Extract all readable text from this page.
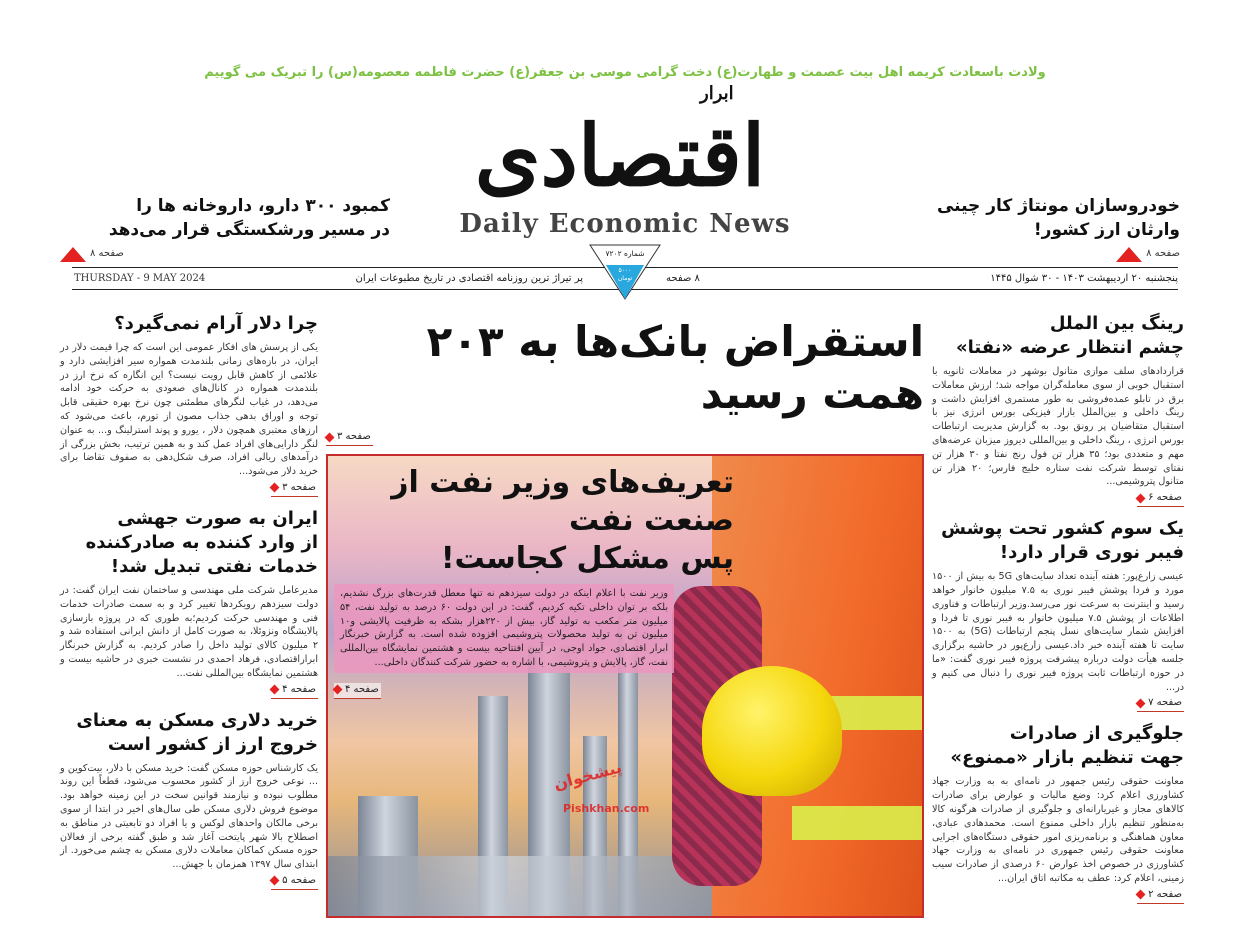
ولادت باسعادت کریمه اهل بیت عصمت و طهارت(ع) دخت گرامی موسی بن جعفر(ع) حضرت فاطمه معصومه(س) را تبریک می گوییم
ابرار
اقتصادی
Daily Economic News
کمبود ۳۰۰ دارو، داروخانه ها را
در مسیر ورشکستگی قرار می‌دهد
صفحه ۸
خودروسازان مونتاژ کار چینی
وارثان ارز کشور!
صفحه ۸
THURSDAY - 9 MAY 2024	پر تیراژ ترین روزنامه اقتصادی در تاریخ مطبوعات ایران	۸ صفحه	پنجشنبه ۲۰ اردیبهشت ۱۴۰۳ - ۳۰ شوال ۱۴۴۵
شماره ۷۲۰۲
۵۰۰۰ تومان
استقراض بانک‌ها به ۲۰۳ همت رسید
صفحه ۳
پیشخوان
Pishkhan.com
تعریف‌های وزیر نفت از صنعت نفت
پس مشکل کجاست!
وزیر نفت با اعلام اینکه در دولت سیزدهم نه تنها معطل قدرت‌های بزرگ نشدیم، بلکه بر توان داخلی تکیه کردیم، گفت: در این دولت ۶۰ درصد به تولید نفت، ۵۴ میلیون متر مکعب به تولید گاز، بیش از ۲۲۰هزار بشکه به ظرفیت پالایشی و۱۰ میلیون تن به تولید محصولات پتروشیمی افزوده شده است. به گزارش خبرنگار ابرار اقتصادی، جواد اوجی، در آیین افتتاحیه بیست و هشتمین نمایشگاه بین‌المللی نفت، گاز، پالایش و پتروشیمی، با اشاره به حضور شرکت کنندگان داخلی...
صفحه ۴
چرا دلار آرام نمی‌گیرد؟
یکی از پرسش های افکار عمومی این است که چرا قیمت دلار در ایران، در بازه‌های زمانی بلندمدت همواره سیر افزایشی دارد و علائمی از کاهش قابل رویت نیست؟ این انگاره که نرخ ارز در بلندمدت همواره در کانال‌های صعودی به حرکت خود ادامه می‌دهد، در غیاب لنگرهای مطمئنی چون نرخ بهره حقیقی قابل توجه و اوراق بدهی جذاب مصون از تورم، باعث می‌شود که ارزهای معتبری همچون دلار ، یورو و پوند استرلینگ و... به عنوان لنگر دارایی‌های افراد عمل کند و به همین ترتیب، بخش بزرگی از درآمدهای ریالی افراد، صرف شکل‌دهی به صفوف تقاضا برای خرید دلار می‌شود...
صفحه ۳
ایران به صورت جهشی
از وارد کننده به صادرکننده
خدمات نفتی تبدیل شد!
مدیرعامل شرکت ملی مهندسی و ساختمان نفت ایران گفت: در دولت سیزدهم رویکردها تغییر کرد و به سمت صادرات خدمات فنی و مهندسی حرکت کردیم؛به طوری که در پروژه بازسازی پالایشگاه ونزوئلا، به صورت کامل از دانش ایرانی استفاده شد و ۲ میلیون کالای تولید داخل را صادر کردیم. به گزارش خبرنگار ابراراقتصادی، فرهاد احمدی در نشست خبری در حاشیه بیست و هشتمین نمایشگاه بین‌المللی نفت...
صفحه ۴
خرید دلاری مسکن به معنای
خروج ارز از کشور است
یک کارشناس حوزه مسکن گفت: خرید مسکن با دلار، بیت‌کوین و ... نوعی خروج ارز از کشور محسوب می‌شود، قطعاً این روند مطلوب نبوده و نیازمند قوانین سخت در این زمینه خواهد بود. موضوع فروش دلاری مسکن طی سال‌های اخیر در ابتدا از سوی برخی مالکان واحدهای لوکس و یا افراد دو تابعیتی در مناطق به اصطلاح بالا شهر پایتخت آغاز شد و طبق گفته برخی از فعالان حوزه مسکن کماکان معاملات دلاری مسکن به چشم می‌خورد. از ابتدای سال ۱۳۹۷ همزمان با جهش...
صفحه ۵
رینگ بین الملل
چشم انتظار عرضه «نفتا»
قراردادهای سلف موازی متانول بوشهر در معاملات ثانویه با استقبال خوبی از سوی معامله‌گران مواجه شد؛ ارزش معاملات برق در تابلو عمده‌فروشی به طور مستمری افزایش داشت و رینگ داخلی و بین‌الملل بازار فیزیکی بورس انرژی نیز با استقبال متقاضیان پر رونق بود. به گزارش مدیریت ارتباطات بورس انرژی ، رینگ داخلی و بین‌المللی دیروز میزبان عرضه‌های مهم و متعددی بود؛ ۳۵ هزار تن فول رنج نفتا و ۳۰ هزار تن نفتای توسط شرکت نفت ستاره خلیج فارس؛ ۲۰ هزار تن متانول پتروشیمی...
صفحه ۶
یک سوم کشور تحت پوشش
فیبر نوری قرار دارد!
عیسی زارع‌پور: هفته آینده تعداد سایت‌های 5G به بیش از ۱۵۰۰ مورد و فردا پوشش فیبر نوری به ۷.۵ میلیون خانوار خواهد رسید و اینترنت به سرعت نور می‌رسد.وزیر ارتباطات و فناوری اطلاعات از پوشش ۷.۵ میلیون خانوار به فیبر نوری تا فردا و افزایش شمار سایت‌های نسل پنجم ارتباطات (5G) به ۱۵۰۰ سایت تا هفته آینده خبر داد.عیسی زارع‌پور در حاشیه برگزاری جلسه هیأت دولت درباره پیشرفت پروژه فیبر نوری گفت: «ما در حوزه ارتباطات ثابت پروژه فیبر نوری را دنبال می کنیم و در...
صفحه ۷
جلوگیری از صادرات
جهت تنظیم بازار «ممنوع»
معاونت حقوقی رئیس جمهور در نامه‌ای به به وزارت جهاد کشاورزی اعلام کرد: وضع مالیات و عوارض برای صادرات کالاهای مجاز و غیریارانه‌ای و جلوگیری از صادرات هرگونه کالا به‌منظور تنظیم بازار داخلی ممنوع است. محمدهادی عبادی، معاون هماهنگی و برنامه‌ریزی امور حقوقی دستگاه‌های اجرایی معاونت حقوقی رئیس جمهوری در نامه‌ای به وزارت جهاد کشاورزی در خصوص اخذ عوارض ۶۰ درصدی از صادرات سیب زمینی، اعلام کرد: عطف به مکاتبه اتاق ایران...
صفحه ۲
